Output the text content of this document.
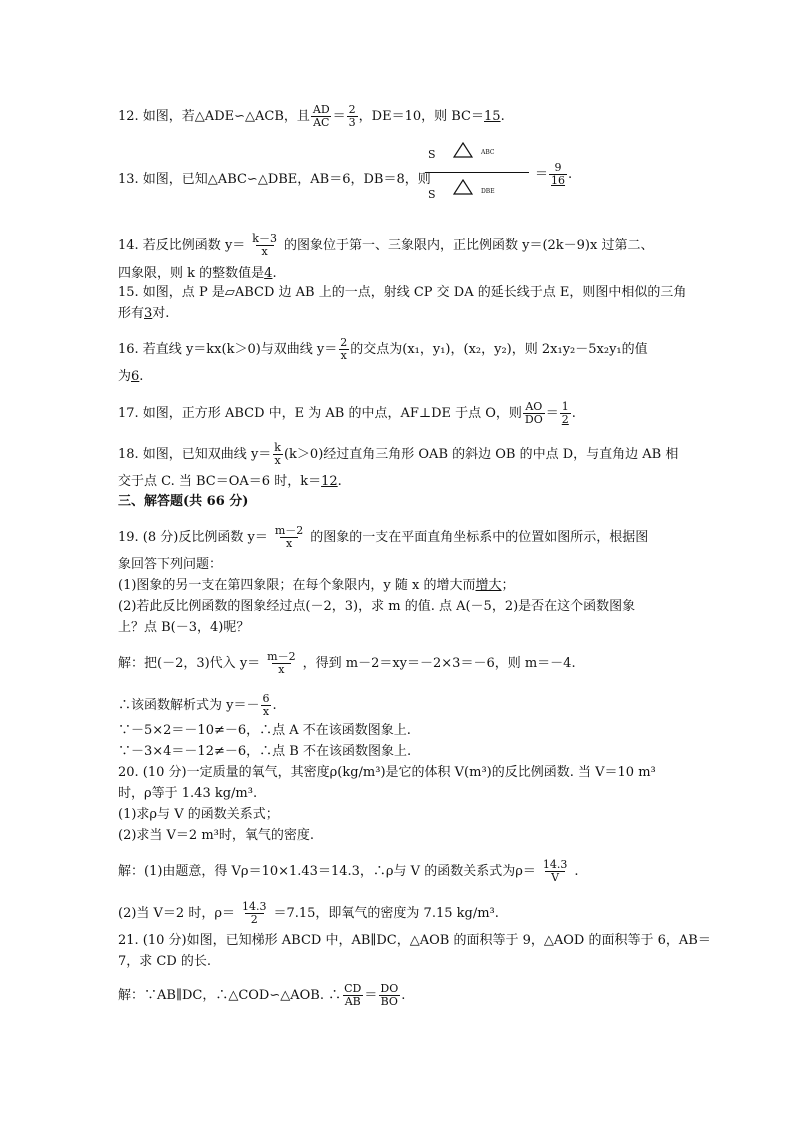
12. 如图，若△ADE∽△ACB，且 $\frac{AD}{AC} = \frac{2}{3}$ ，DE＝10，则 BC＝15.
13. 如图，已知△ABC∽△DBE，AB＝6，DB＝8，则
S	ABC
S	DBE
＝ $\frac{9}{16}$ .
14. 若反比例函数 $y= \frac{k-3}{x}$ 的图象位于第一、三象限内，正比例函数 y＝(2k－9)x 过第二、
四象限，则 k 的整数值是4.
15. 如图，点 P 是▱ABCD 边 AB 上的一点，射线 CP 交 DA 的延长线于点 E，则图中相似的三角
形有3对.
16. 若直线 y＝kx(k＞0)与双曲线 $y= \frac{2}{x}$ 的交点为(x₁，y₁)，(x₂，y₂)，则 2x₁y₂－5x₂y₁的值
为6.
17. 如图，正方形 ABCD 中，E 为 AB 的中点，AF⊥DE 于点 O，则 $\frac{AO}{DO} = \frac{1}{2}$ .
18. 如图，已知双曲线 $y= \frac{k}{x} (k>0)$经过直角三角形 OAB 的斜边 OB 的中点 D，与直角边 AB 相
交于点 C. 当 BC＝OA＝6 时，k＝12.
三、解答题(共 66 分)
19. (8 分)反比例函数 $y= \frac{m-2}{x}$ 的图象的一支在平面直角坐标系中的位置如图所示，根据图
象回答下列问题：
(1)图象的另一支在第四象限；在每个象限内，y 随 x 的增大而增大；
(2)若此反比例函数的图象经过点(－2，3)，求 m 的值. 点 A(－5，2)是否在这个函数图象
上？点 B(－3，4)呢？
解：把(－2，3)代入 $y= \frac{m-2}{x}$ ，得到 m－2＝xy＝－2×3＝－6，则 m＝－4.
∴该函数解析式为 $y=- \frac{6}{x}$ .
∵－5×2＝－10≠－6，∴点 A 不在该函数图象上.
∵－3×4＝－12≠－6，∴点 B 不在该函数图象上.
20. (10 分)一定质量的氧气，其密度ρ(kg/m³)是它的体积 V(m³)的反比例函数. 当 V＝10 m³
时，ρ等于 1.43 kg/m³.
(1)求ρ与 V 的函数关系式；
(2)求当 V＝2 m³时，氧气的密度.
解：(1)由题意，得 Vρ＝10×1.43＝14.3，∴ρ与 V 的函数关系式为$\rho= \frac{14.3}{V}$ .
(2)当 V＝2 时，$\rho= \frac{14.3}{2} =7.15$，即氧气的密度为 7.15 kg/m³.
21. (10 分)如图，已知梯形 ABCD 中，AB∥DC，△AOB 的面积等于 9，△AOD 的面积等于 6，AB＝
7，求 CD 的长.
解：∵AB∥DC，∴△COD∽△AOB. ∴ $\frac{CD}{AB} = \frac{DO}{BO}$ .
